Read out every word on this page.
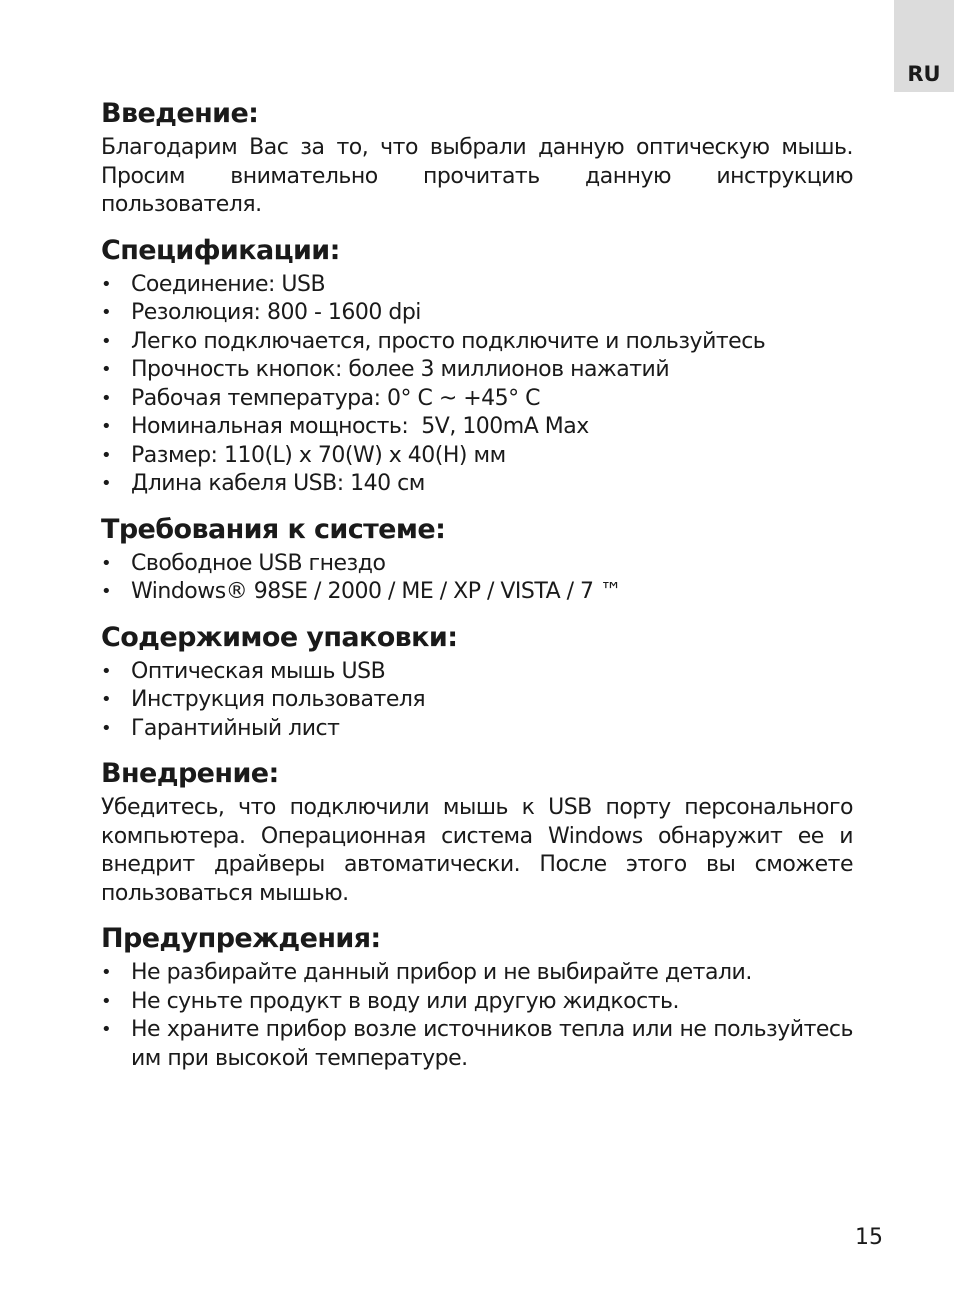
RU
Введение:

Благодарим Вас за то, что выбрали данную оптическую мышь. Просим внимательно прочитать данную инструкцию пользователя.

Спецификации:
• Соединение: USB
• Резолюция: 800 - 1600 dpi
• Легко подключается, просто подключите и пользуйтесь
• Прочность кнопок: более 3 миллионов нажатий
• Рабочая температура: 0° C ~ +45° C
• Номинальная мощность:  5V, 100mA Max
• Размер: 110(L) x 70(W) x 40(H) мм
• Длина кабеля USB: 140 см
Требования к системе:
• Свободное USB гнездо
• Windows® 98SE / 2000 / ME / XP / VISTA / 7 ™
Содержимое упаковки:
• Оптическая мышь USB
• Инструкция пользователя
• Гарантийный лист
Внедрение:

Убедитесь, что подключили мышь к USB порту персонального компьютера. Операционная система Windows обнаружит ее и внедрит драйверы автоматически. После этого вы сможете пользоваться мышью.

Предупреждения:
• Не разбирайте данный прибор и не выбирайте детали.
• Не суньте продукт в воду или другую жидкость.
• Не храните прибор возле источников тепла или не пользуйтесь им при высокой температуре.
15
